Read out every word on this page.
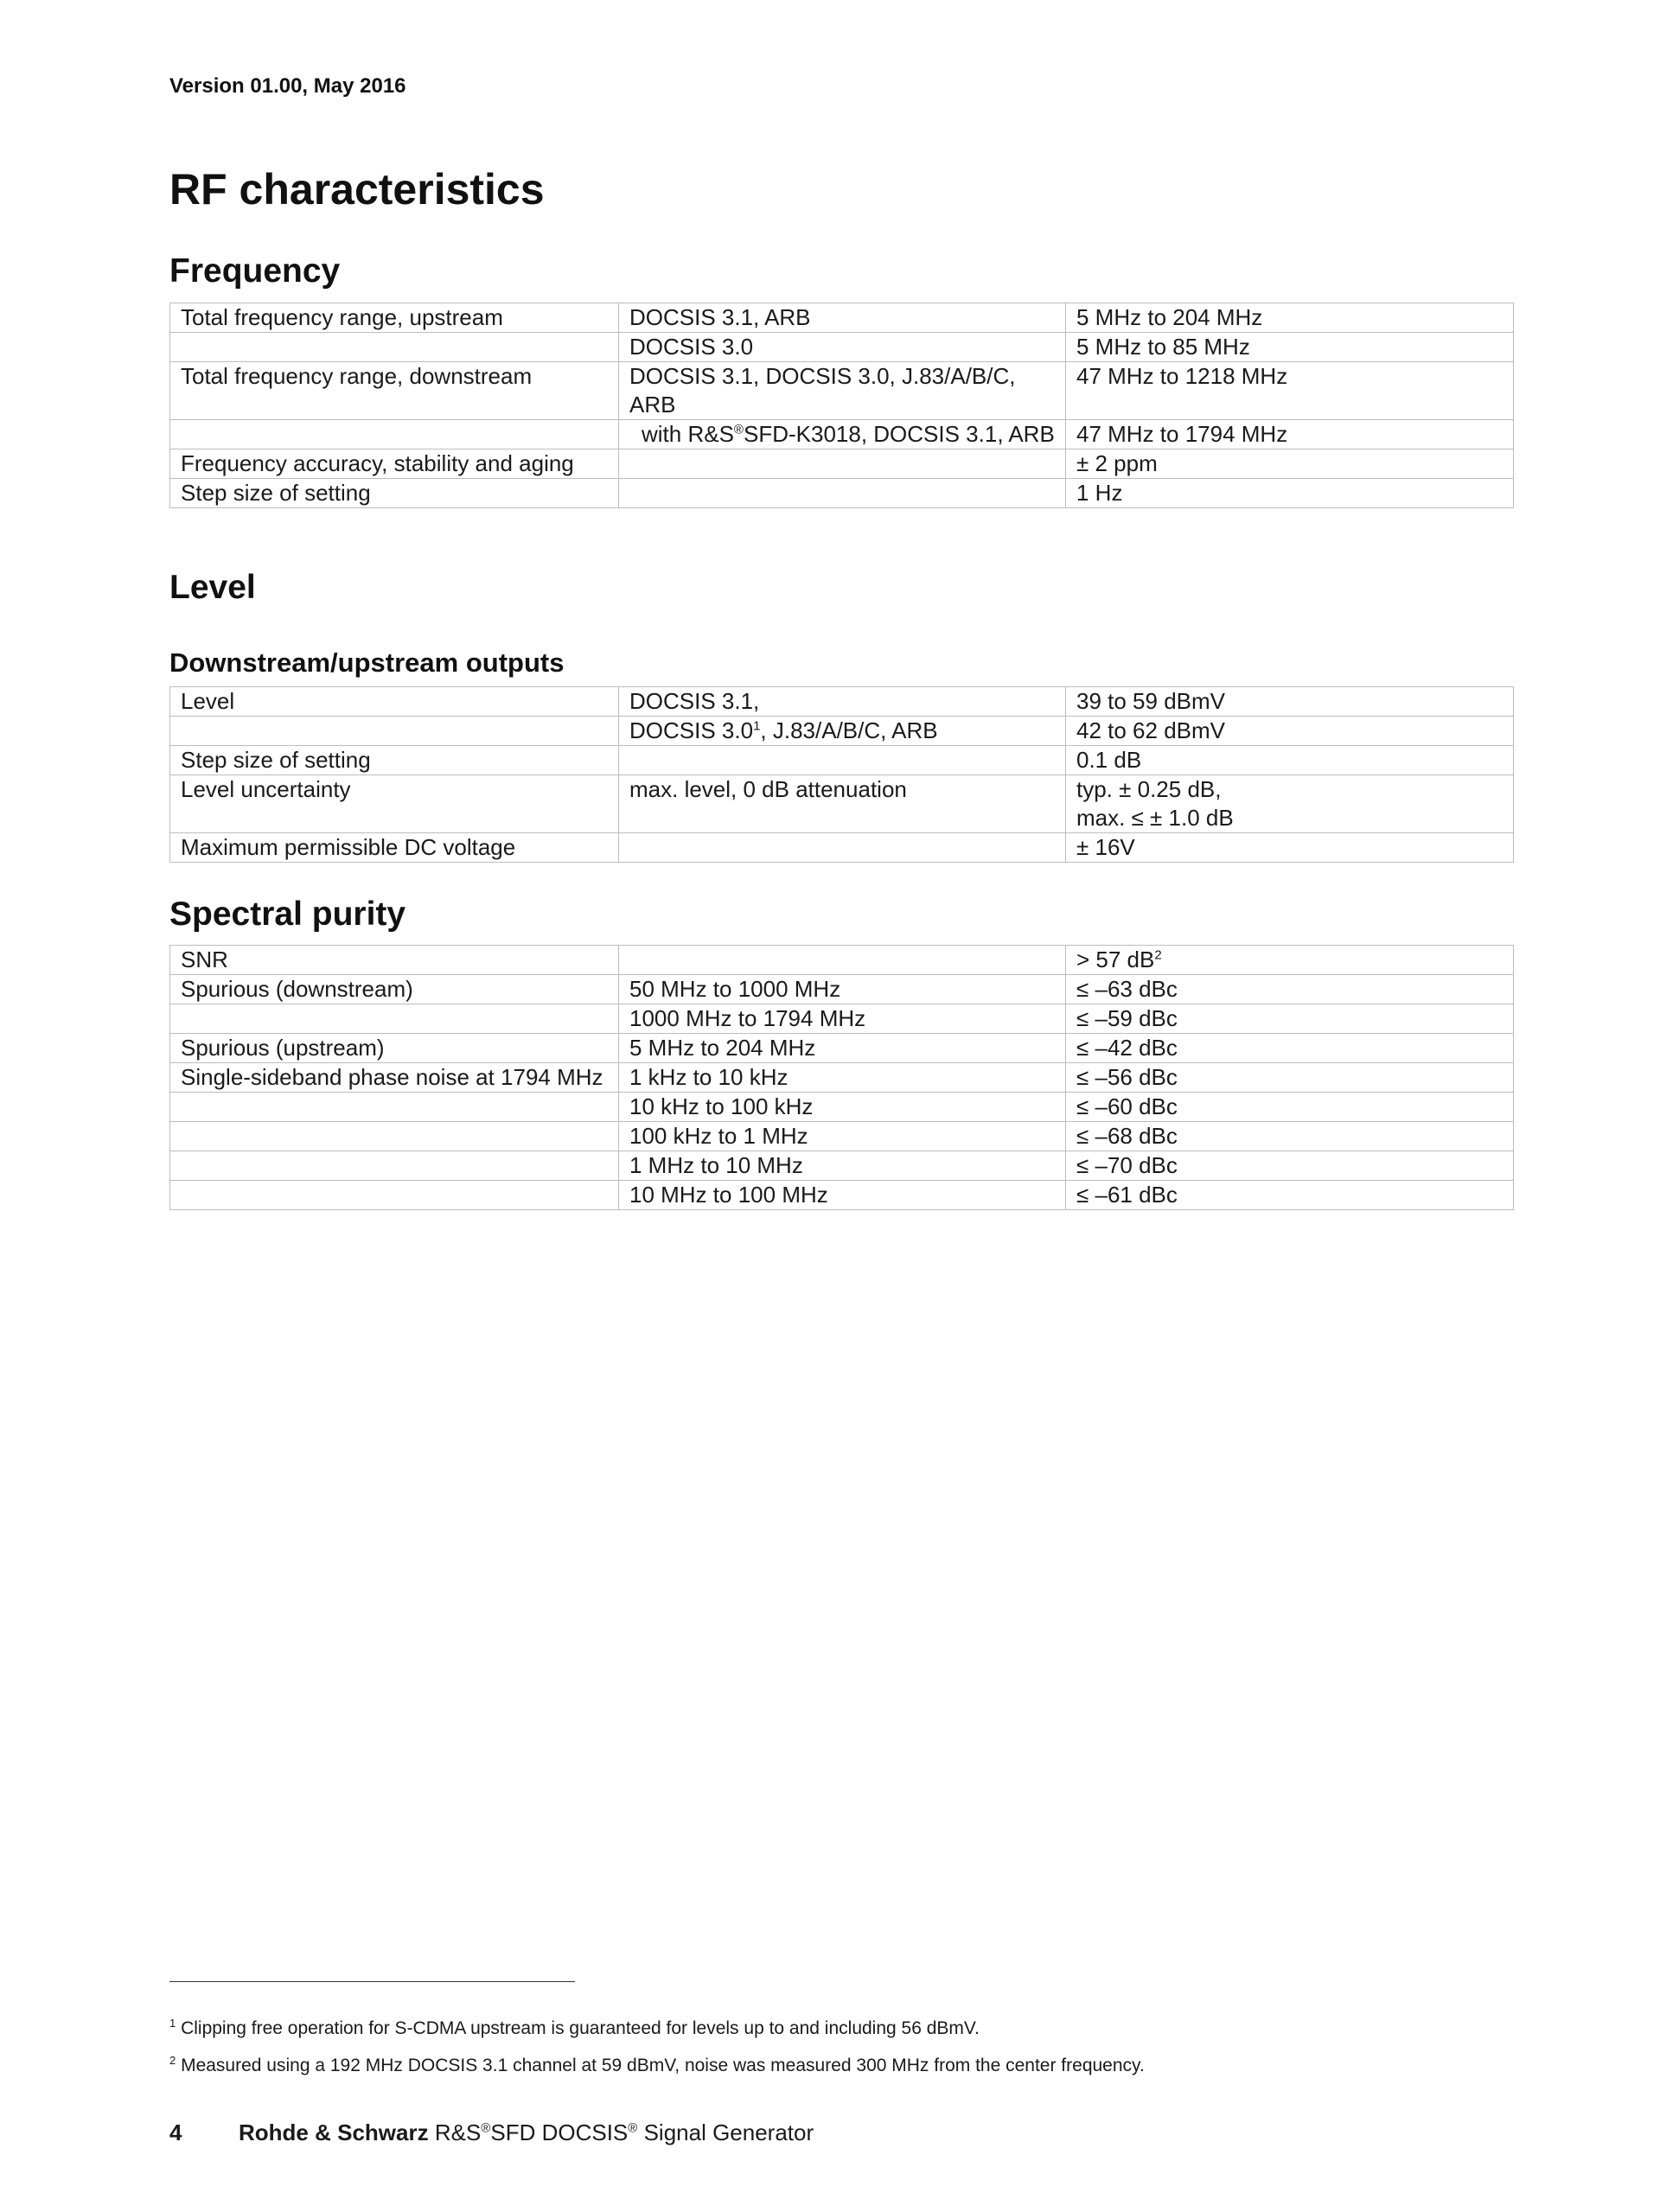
Version 01.00, May 2016
RF characteristics
Frequency
Total frequency range, upstream	DOCSIS 3.1, ARB	5 MHz to 204 MHz
	DOCSIS 3.0	5 MHz to 85 MHz
Total frequency range, downstream	DOCSIS 3.1, DOCSIS 3.0, J.83/A/B/C, ARB	47 MHz to 1218 MHz
	with R&S®SFD-K3018, DOCSIS 3.1, ARB	47 MHz to 1794 MHz
Frequency accuracy, stability and aging		± 2 ppm
Step size of setting		1 Hz
Level
Downstream/upstream outputs
Level	DOCSIS 3.1,	39 to 59 dBmV
	DOCSIS $3.0^1$, J.83/A/B/C, ARB	42 to 62 dBmV
Step size of setting		0.1 dB
Level uncertainty	max. level, 0 dB attenuation	typ. ± 0.25 dB,
max. ≤ ± 1.0 dB

Maximum permissible DC voltage		± 16V
Spectral purity
SNR		> 57 $dB^2$
Spurious (downstream)	50 MHz to 1000 MHz	≤ –63 dBc
	1000 MHz to 1794 MHz	≤ –59 dBc
Spurious (upstream)	5 MHz to 204 MHz	≤ –42 dBc
Single-sideband phase noise at 1794 MHz	1 kHz to 10 kHz	≤ –56 dBc
	10 kHz to 100 kHz	≤ –60 dBc
	100 kHz to 1 MHz	≤ –68 dBc
	1 MHz to 10 MHz	≤ –70 dBc
	10 MHz to 100 MHz	≤ –61 dBc
$^1$ Clipping free operation for S-CDMA upstream is guaranteed for levels up to and including 56 dBmV.
$^2$ Measured using a 192 MHz DOCSIS 3.1 channel at 59 dBmV, noise was measured 300 MHz from the center frequency.
4	Rohde & Schwarz R&S®SFD DOCSIS® Signal Generator
